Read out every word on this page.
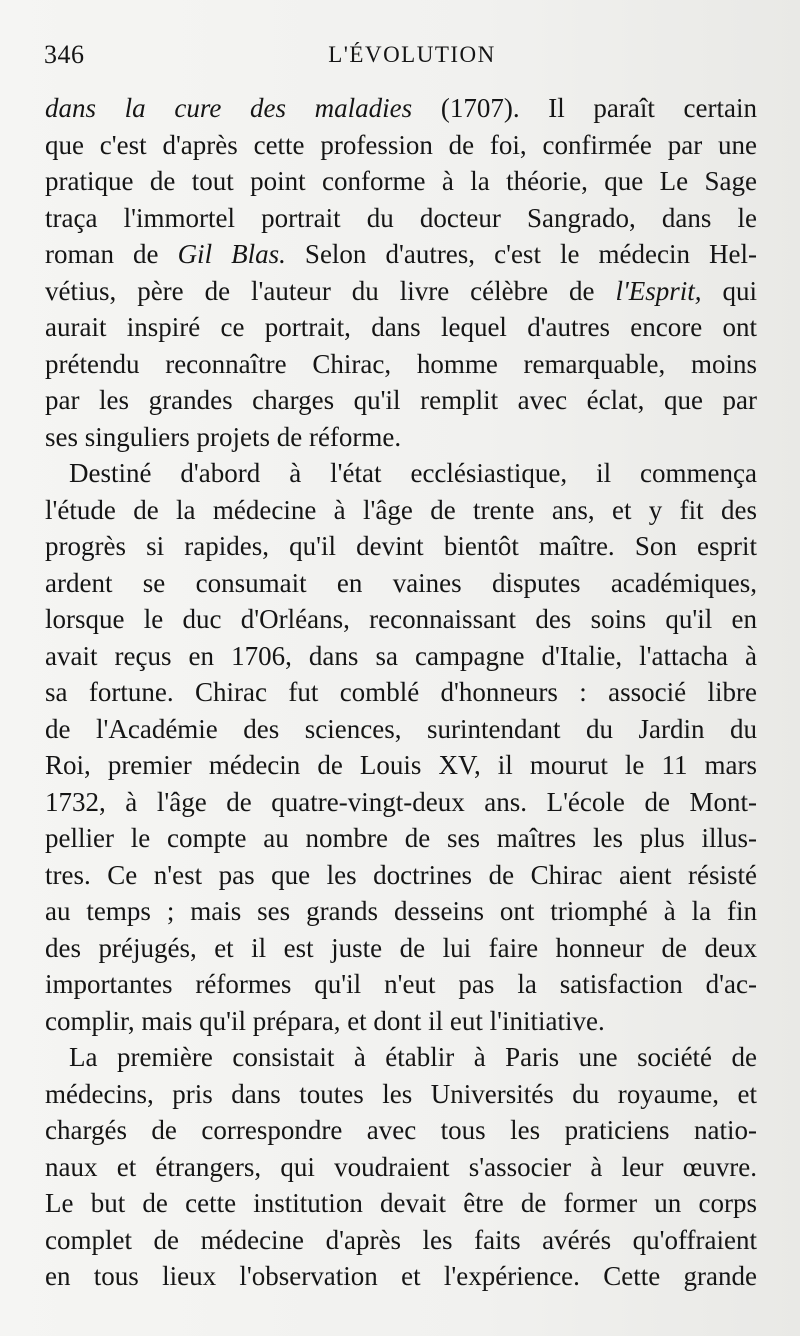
346	L'ÉVOLUTION
dans la cure des maladies (1707). Il paraît certain
que c'est d'après cette profession de foi, confirmée par une
pratique de tout point conforme à la théorie, que Le Sage
traça l'immortel portrait du docteur Sangrado, dans le
roman de Gil Blas. Selon d'autres, c'est le médecin Hel-
vétius, père de l'auteur du livre célèbre de l'Esprit, qui
aurait inspiré ce portrait, dans lequel d'autres encore ont
prétendu reconnaître Chirac, homme remarquable, moins
par les grandes charges qu'il remplit avec éclat, que par
ses singuliers projets de réforme.
Destiné d'abord à l'état ecclésiastique, il commença
l'étude de la médecine à l'âge de trente ans, et y fit des
progrès si rapides, qu'il devint bientôt maître. Son esprit
ardent se consumait en vaines disputes académiques,
lorsque le duc d'Orléans, reconnaissant des soins qu'il en
avait reçus en 1706, dans sa campagne d'Italie, l'attacha à
sa fortune. Chirac fut comblé d'honneurs : associé libre
de l'Académie des sciences, surintendant du Jardin du
Roi, premier médecin de Louis XV, il mourut le 11 mars
1732, à l'âge de quatre-vingt-deux ans. L'école de Mont-
pellier le compte au nombre de ses maîtres les plus illus-
tres. Ce n'est pas que les doctrines de Chirac aient résisté
au temps ; mais ses grands desseins ont triomphé à la fin
des préjugés, et il est juste de lui faire honneur de deux
importantes réformes qu'il n'eut pas la satisfaction d'ac-
complir, mais qu'il prépara, et dont il eut l'initiative.
La première consistait à établir à Paris une société de
médecins, pris dans toutes les Universités du royaume, et
chargés de correspondre avec tous les praticiens natio-
naux et étrangers, qui voudraient s'associer à leur œuvre.
Le but de cette institution devait être de former un corps
complet de médecine d'après les faits avérés qu'offraient
en tous lieux l'observation et l'expérience. Cette grande
